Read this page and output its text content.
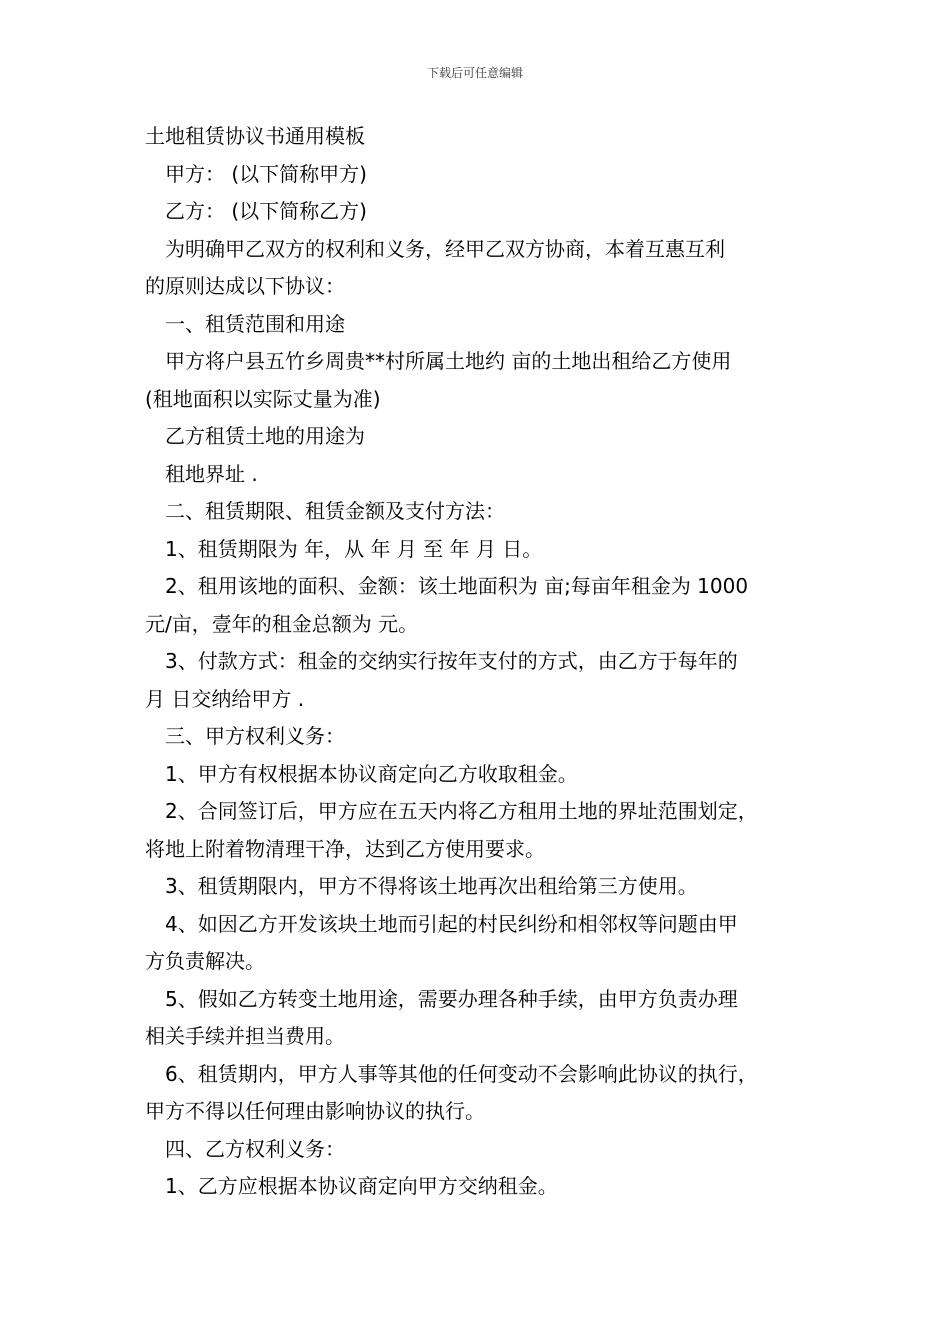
下载后可任意编辑
土地租赁协议书通用模板
甲方： (以下简称甲方)
乙方： (以下简称乙方)
为明确甲乙双方的权利和义务，经甲乙双方协商，本着互惠互利
的原则达成以下协议：
一、租赁范围和用途
甲方将户县五竹乡周贵**村所属土地约 亩的土地出租给乙方使用
(租地面积以实际丈量为准)
乙方租赁土地的用途为
租地界址 .
二、租赁期限、租赁金额及支付方法：
1、租赁期限为 年，从 年 月 至 年 月 日。
2、租用该地的面积、金额：该土地面积为 亩;每亩年租金为 1000
元/亩，壹年的租金总额为 元。
3、付款方式：租金的交纳实行按年支付的方式，由乙方于每年的
月 日交纳给甲方 .
三、甲方权利义务：
1、甲方有权根据本协议商定向乙方收取租金。
2、合同签订后，甲方应在五天内将乙方租用土地的界址范围划定，
将地上附着物清理干净，达到乙方使用要求。
3、租赁期限内，甲方不得将该土地再次出租给第三方使用。
4、如因乙方开发该块土地而引起的村民纠纷和相邻权等问题由甲
方负责解决。
5、假如乙方转变土地用途，需要办理各种手续，由甲方负责办理
相关手续并担当费用。
6、租赁期内，甲方人事等其他的任何变动不会影响此协议的执行，
甲方不得以任何理由影响协议的执行。
四、乙方权利义务：
1、乙方应根据本协议商定向甲方交纳租金。
